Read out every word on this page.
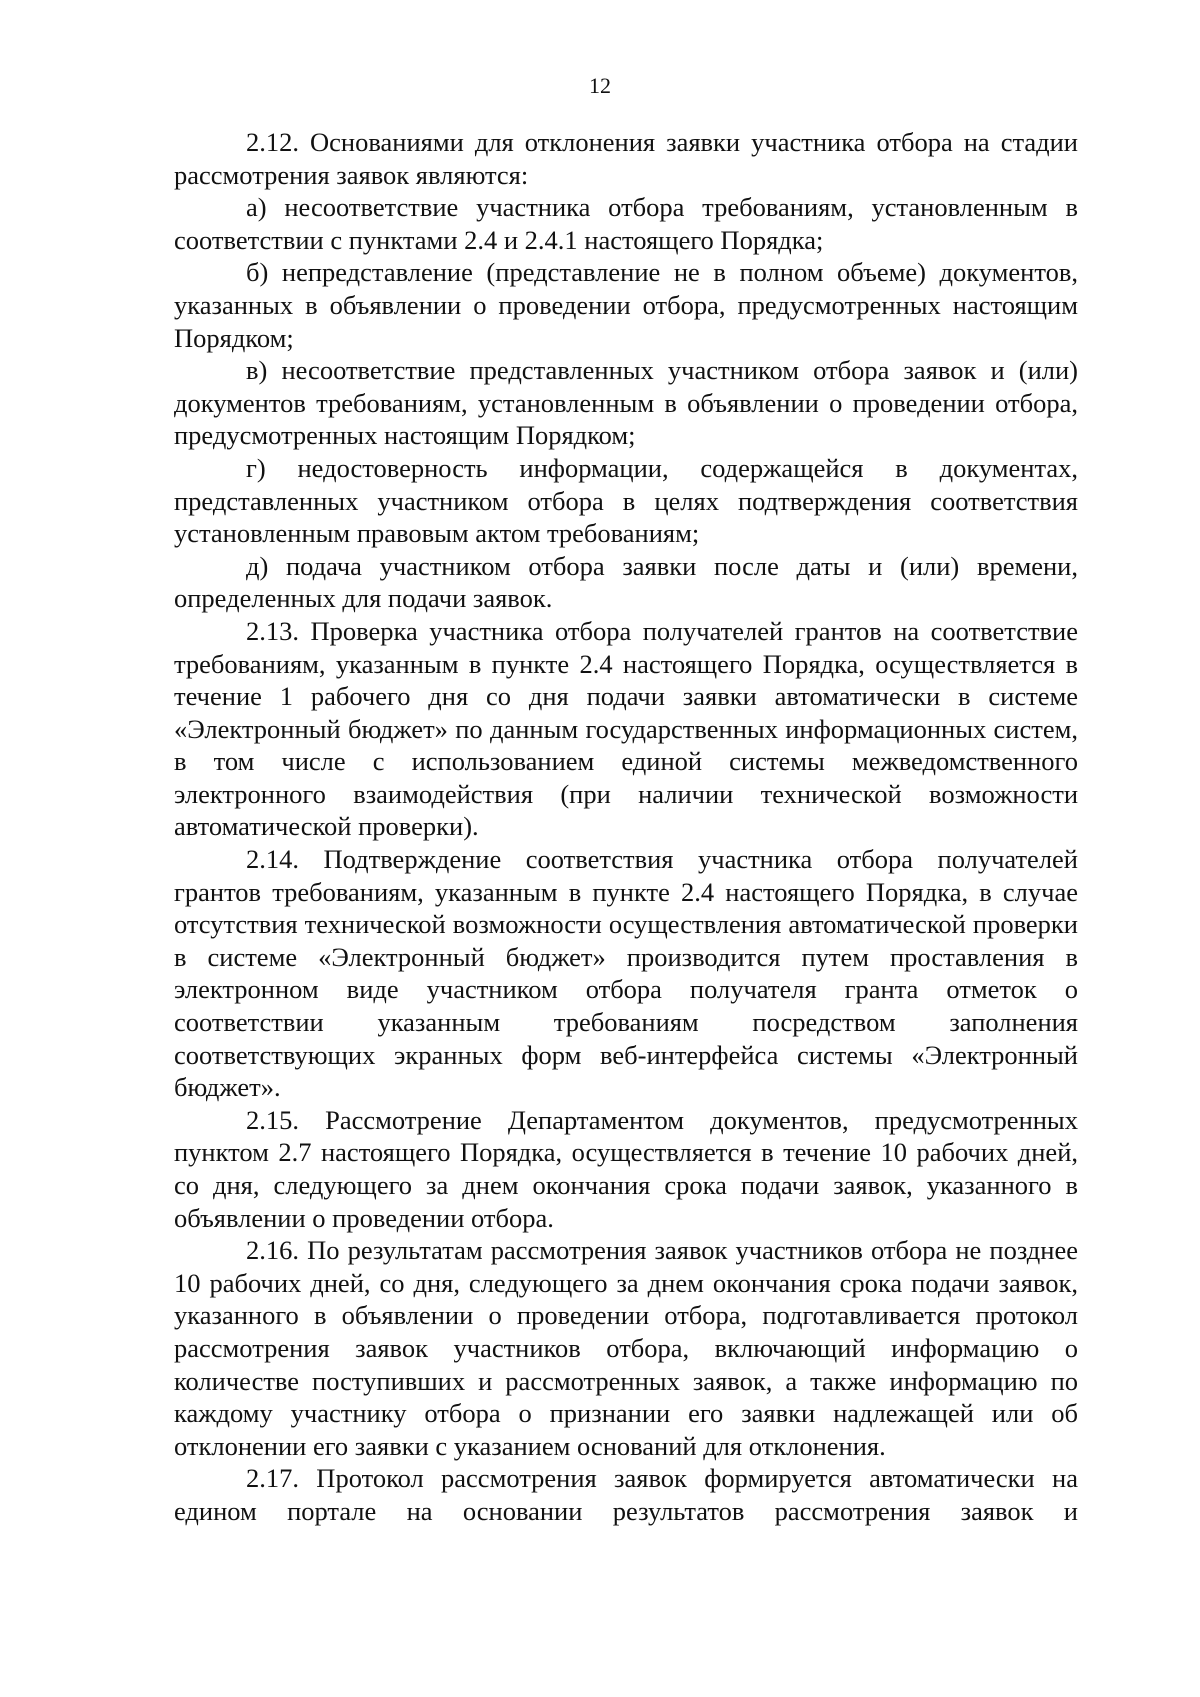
12

2.12. Основаниями для отклонения заявки участника отбора на стадии рассмотрения заявок являются:

а) несоответствие участника отбора требованиям, установленным в соответствии с пунктами 2.4 и 2.4.1 настоящего Порядка;

б) непредставление (представление не в полном объеме) документов, указанных в объявлении о проведении отбора, предусмотренных настоящим Порядком;

в) несоответствие представленных участником отбора заявок и (или) документов требованиям, установленным в объявлении о проведении отбора, предусмотренных настоящим Порядком;

г) недостоверность информации, содержащейся в документах, представленных участником отбора в целях подтверждения соответствия установленным правовым актом требованиям;

д) подача участником отбора заявки после даты и (или) времени, определенных для подачи заявок.

2.13. Проверка участника отбора получателей грантов на соответствие требованиям, указанным в пункте 2.4 настоящего Порядка, осуществляется в течение 1 рабочего дня со дня подачи заявки автоматически в системе «Электронный бюджет» по данным государственных информационных систем, в том числе с использованием единой системы межведомственного электронного взаимодействия (при наличии технической возможности автоматической проверки).

2.14. Подтверждение соответствия участника отбора получателей грантов требованиям, указанным в пункте 2.4 настоящего Порядка, в случае отсутствия технической возможности осуществления автоматической проверки в системе «Электронный бюджет» производится путем проставления в электронном виде участником отбора получателя гранта отметок о соответствии указанным требованиям посредством заполнения соответствующих экранных форм веб-интерфейса системы «Электронный бюджет».

2.15. Рассмотрение Департаментом документов, предусмотренных пунктом 2.7 настоящего Порядка, осуществляется в течение 10 рабочих дней, со дня, следующего за днем окончания срока подачи заявок, указанного в объявлении о проведении отбора.

2.16. По результатам рассмотрения заявок участников отбора не позднее 10 рабочих дней, со дня, следующего за днем окончания срока подачи заявок, указанного в объявлении о проведении отбора, подготавливается протокол рассмотрения заявок участников отбора, включающий информацию о количестве поступивших и рассмотренных заявок, а также информацию по каждому участнику отбора о признании его заявки надлежащей или об отклонении его заявки с указанием оснований для отклонения.

2.17. Протокол рассмотрения заявок формируется автоматически на едином портале на основании результатов рассмотрения заявок и
